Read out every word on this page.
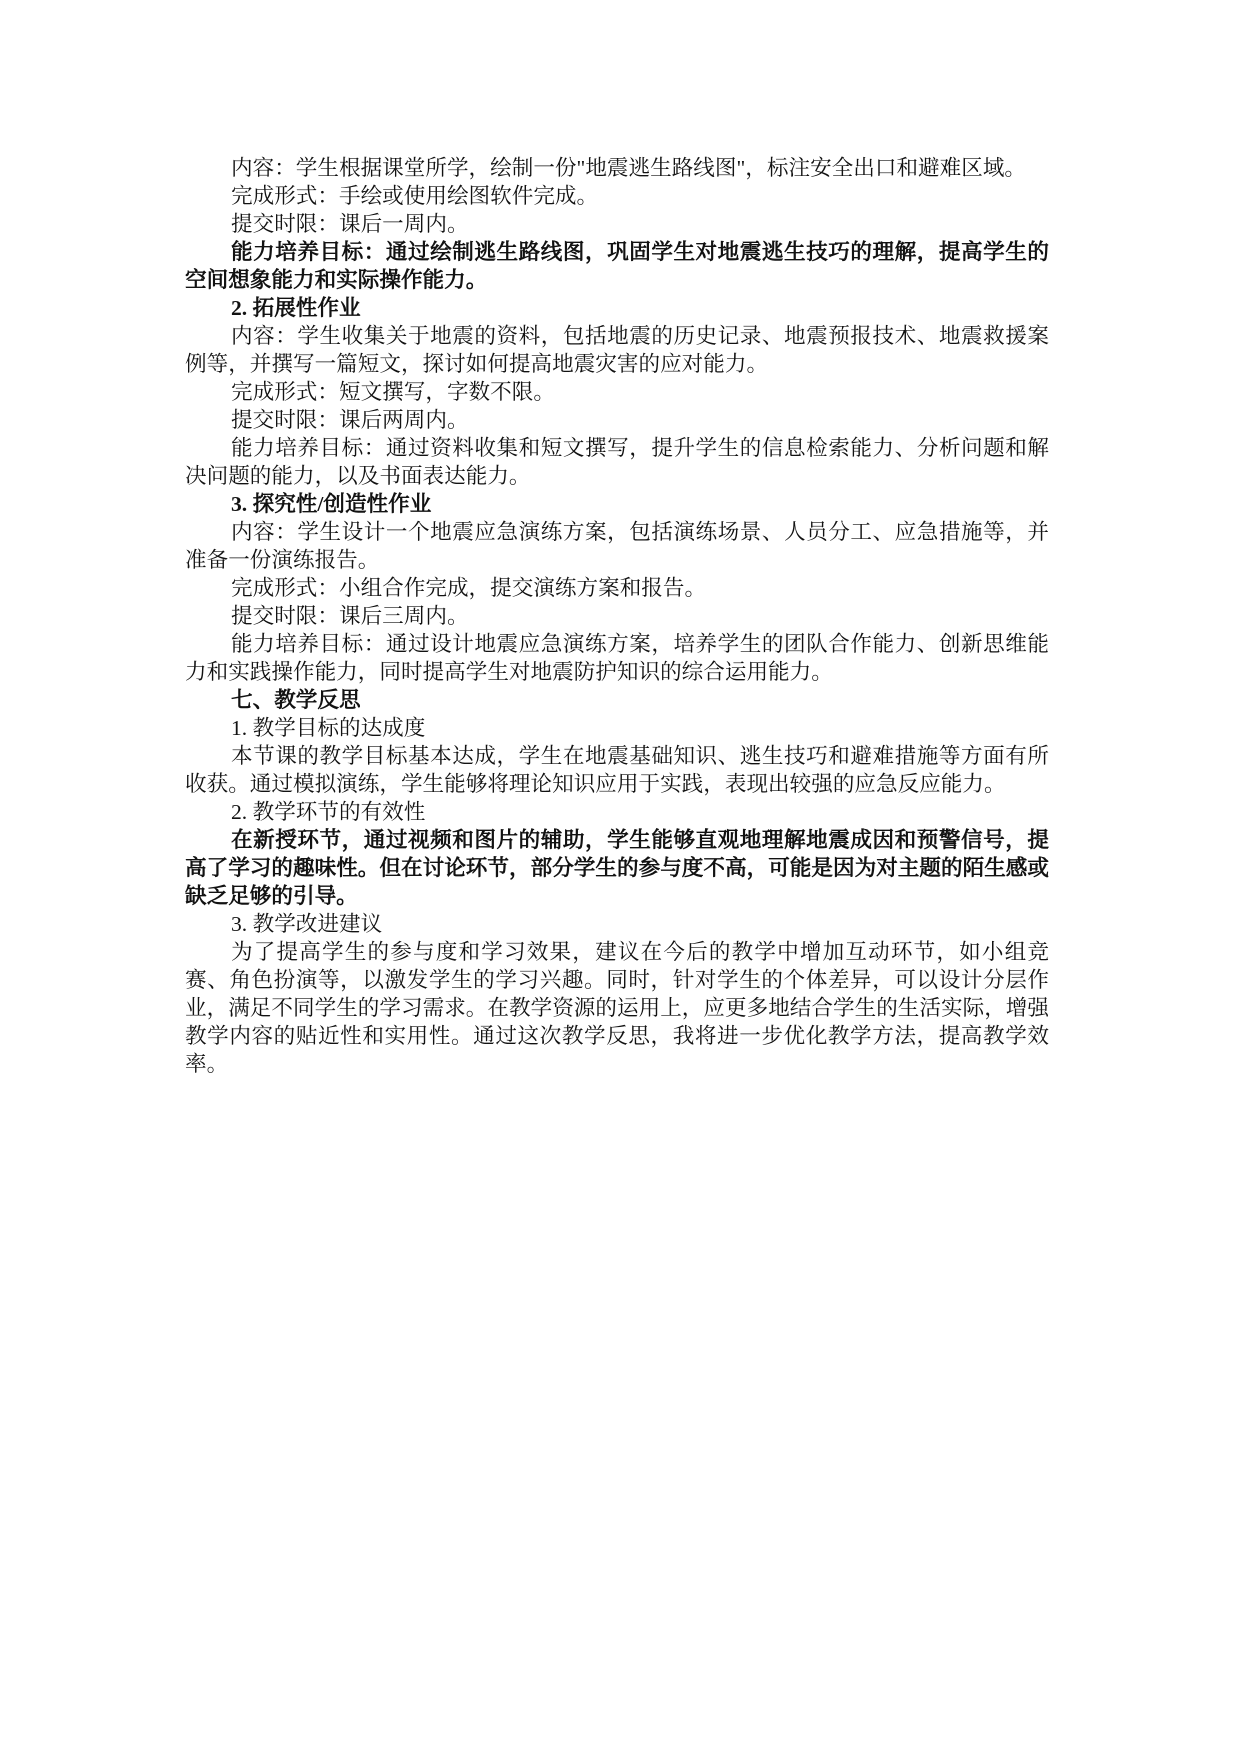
内容：学生根据课堂所学，绘制一份"地震逃生路线图"，标注安全出口和避难区域。

完成形式：手绘或使用绘图软件完成。

提交时限：课后一周内。

能力培养目标：通过绘制逃生路线图，巩固学生对地震逃生技巧的理解，提高学生的空间想象能力和实际操作能力。

2. 拓展性作业

内容：学生收集关于地震的资料，包括地震的历史记录、地震预报技术、地震救援案例等，并撰写一篇短文，探讨如何提高地震灾害的应对能力。

完成形式：短文撰写，字数不限。

提交时限：课后两周内。

能力培养目标：通过资料收集和短文撰写，提升学生的信息检索能力、分析问题和解决问题的能力，以及书面表达能力。

3. 探究性/创造性作业

内容：学生设计一个地震应急演练方案，包括演练场景、人员分工、应急措施等，并准备一份演练报告。

完成形式：小组合作完成，提交演练方案和报告。

提交时限：课后三周内。

能力培养目标：通过设计地震应急演练方案，培养学生的团队合作能力、创新思维能力和实践操作能力，同时提高学生对地震防护知识的综合运用能力。

七、教学反思

1. 教学目标的达成度

本节课的教学目标基本达成，学生在地震基础知识、逃生技巧和避难措施等方面有所收获。通过模拟演练，学生能够将理论知识应用于实践，表现出较强的应急反应能力。

2. 教学环节的有效性

在新授环节，通过视频和图片的辅助，学生能够直观地理解地震成因和预警信号，提高了学习的趣味性。但在讨论环节，部分学生的参与度不高，可能是因为对主题的陌生感或缺乏足够的引导。

3. 教学改进建议

为了提高学生的参与度和学习效果，建议在今后的教学中增加互动环节，如小组竞赛、角色扮演等，以激发学生的学习兴趣。同时，针对学生的个体差异，可以设计分层作业，满足不同学生的学习需求。在教学资源的运用上，应更多地结合学生的生活实际，增强教学内容的贴近性和实用性。通过这次教学反思，我将进一步优化教学方法，提高教学效率。
